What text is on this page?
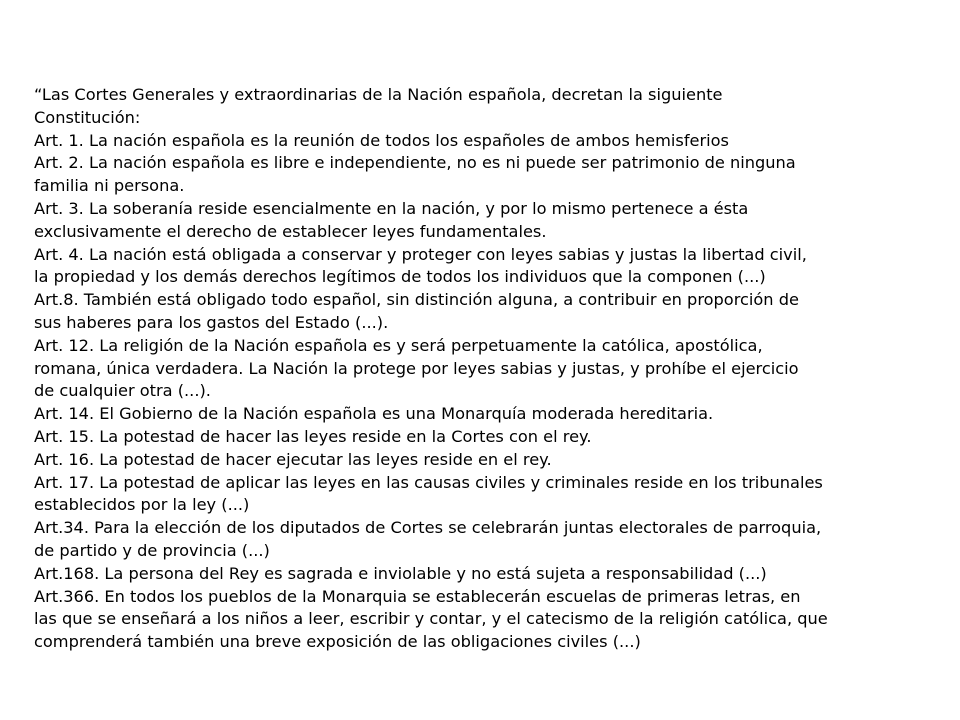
“Las Cortes Generales y extraordinarias de la Nación española, decretan la siguiente
Constitución:
Art. 1. La nación española es la reunión de todos los españoles de ambos hemisferios
Art. 2. La nación española es libre e independiente, no es ni puede ser patrimonio de ninguna
familia ni persona.
Art. 3. La soberanía reside esencialmente en la nación, y por lo mismo pertenece a ésta
exclusivamente el derecho de establecer leyes fundamentales.
Art. 4. La nación está obligada a conservar y proteger con leyes sabias y justas la libertad civil,
la propiedad y los demás derechos legítimos de todos los individuos que la componen (...)
Art.8. También está obligado todo español, sin distinción alguna, a contribuir en proporción de
sus haberes para los gastos del Estado (...).
Art. 12. La religión de la Nación española es y será perpetuamente la católica, apostólica,
romana, única verdadera. La Nación la protege por leyes sabias y justas, y prohíbe el ejercicio
de cualquier otra (...).
Art. 14. El Gobierno de la Nación española es una Monarquía moderada hereditaria.
Art. 15. La potestad de hacer las leyes reside en la Cortes con el rey.
Art. 16. La potestad de hacer ejecutar las leyes reside en el rey.
Art. 17. La potestad de aplicar las leyes en las causas civiles y criminales reside en los tribunales
establecidos por la ley (...)
Art.34. Para la elección de los diputados de Cortes se celebrarán juntas electorales de parroquia,
de partido y de provincia (...)
Art.168. La persona del Rey es sagrada e inviolable y no está sujeta a responsabilidad (...)
Art.366. En todos los pueblos de la Monarquia se establecerán escuelas de primeras letras, en
las que se enseñará a los niños a leer, escribir y contar, y el catecismo de la religión católica, que
comprenderá también una breve exposición de las obligaciones civiles (...)
